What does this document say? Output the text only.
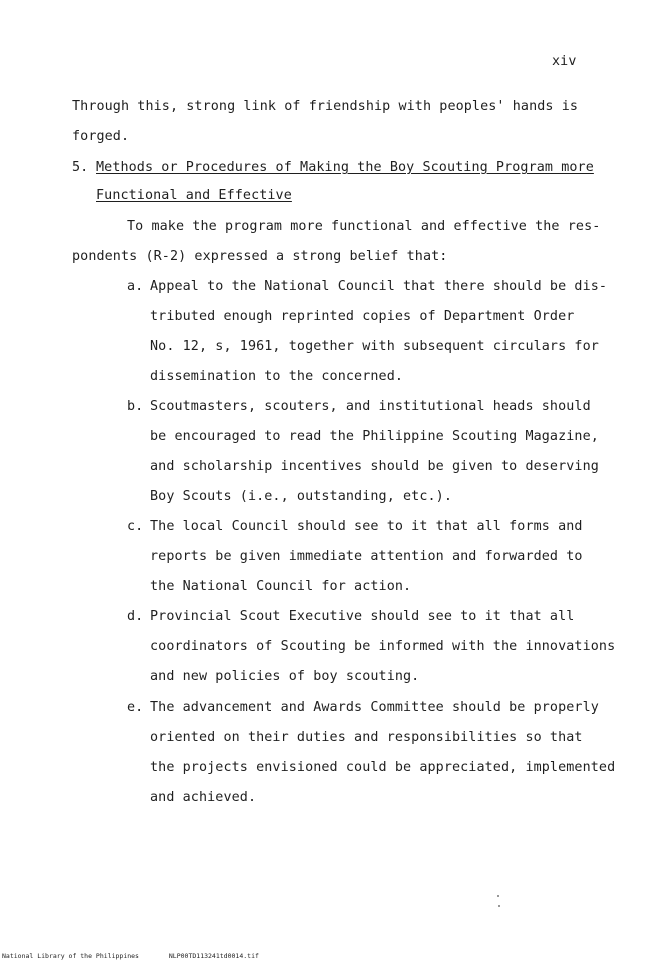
xiv
Through this, strong link of friendship with peoples' hands is
forged.
5. Methods or Procedures of Making the Boy Scouting Program more
Functional and Effective
To make the program more functional and effective the res-
pondents (R-2) expressed a strong belief that:
a. Appeal to the National Council that there should be dis-
tributed enough reprinted copies of Department Order
No. 12, s, 1961, together with subsequent circulars for
dissemination to the concerned.
b. Scoutmasters, scouters, and institutional heads should
be encouraged to read the Philippine Scouting Magazine,
and scholarship incentives should be given to deserving
Boy Scouts (i.e., outstanding, etc.).
c. The local Council should see to it that all forms and
reports be given immediate attention and forwarded to
the National Council for action.
d. Provincial Scout Executive should see to it that all
coordinators of Scouting be informed with the innovations
and new policies of boy scouting.
e. The advancement and Awards Committee should be properly
oriented on their duties and responsibilities so that
the projects envisioned could be appreciated, implemented
and achieved.
National Library of the Philippines	NLP00TD113241td0014.tif
